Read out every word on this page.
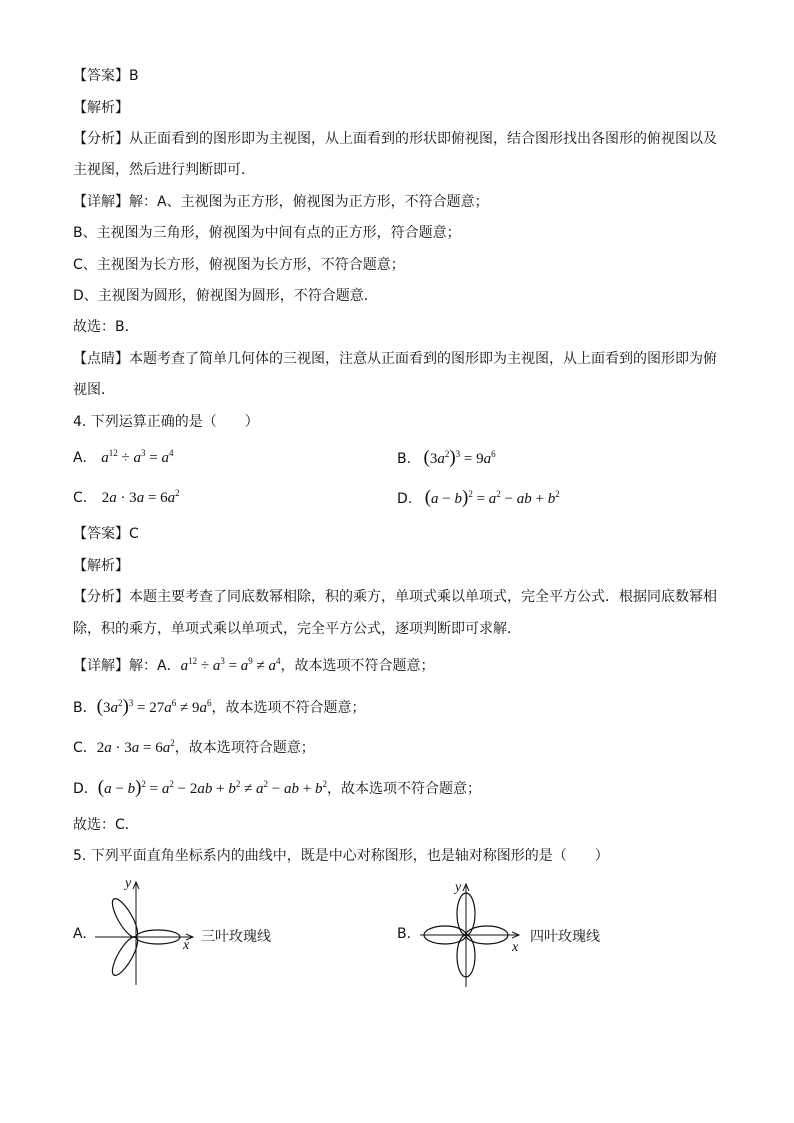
【答案】B
【解析】
【分析】从正面看到的图形即为主视图，从上面看到的形状即俯视图，结合图形找出各图形的俯视图以及
主视图，然后进行判断即可．
【详解】解：A、主视图为正方形，俯视图为正方形，不符合题意；
B、主视图为三角形，俯视图为中间有点的正方形，符合题意；
C、主视图为长方形，俯视图为长方形，不符合题意；
D、主视图为圆形，俯视图为圆形，不符合题意．
故选：B．
【点睛】本题考查了简单几何体的三视图，注意从正面看到的图形即为主视图，从上面看到的图形即为俯
视图．
4. 下列运算正确的是（　　）
A. $a^{12} \div a^3 = a^4$	B. $(3a^2)^3 = 9a^6$
C. $2a \cdot 3a = 6a^2$	D. $(a - b)^2 = a^2$ − ab + $b^2$
【答案】C
【解析】
【分析】本题主要考查了同底数幂相除，积的乘方，单项式乘以单项式，完全平方公式．根据同底数幂相
除，积的乘方，单项式乘以单项式，完全平方公式，逐项判断即可求解．
【详解】解：A．$a^{12} \div a^3 = a^9 \ne a^4$，故本选项不符合题意；
B．$(3a^2)^3 = 27a^6 \ne 9a^6$，故本选项不符合题意；
C．$2a \cdot 3a = 6a^2$，故本选项符合题意；
D．$(a - b)^2 = a^2 - 2ab + b^2 \ne a^2$ − ab + $b^2$，故本选项不符合题意；
故选：C．
5. 下列平面直角坐标系内的曲线中，既是中心对称图形，也是轴对称图形的是（　　）
A.
y
x
三叶玫瑰线	B.
y
x
四叶玫瑰线
